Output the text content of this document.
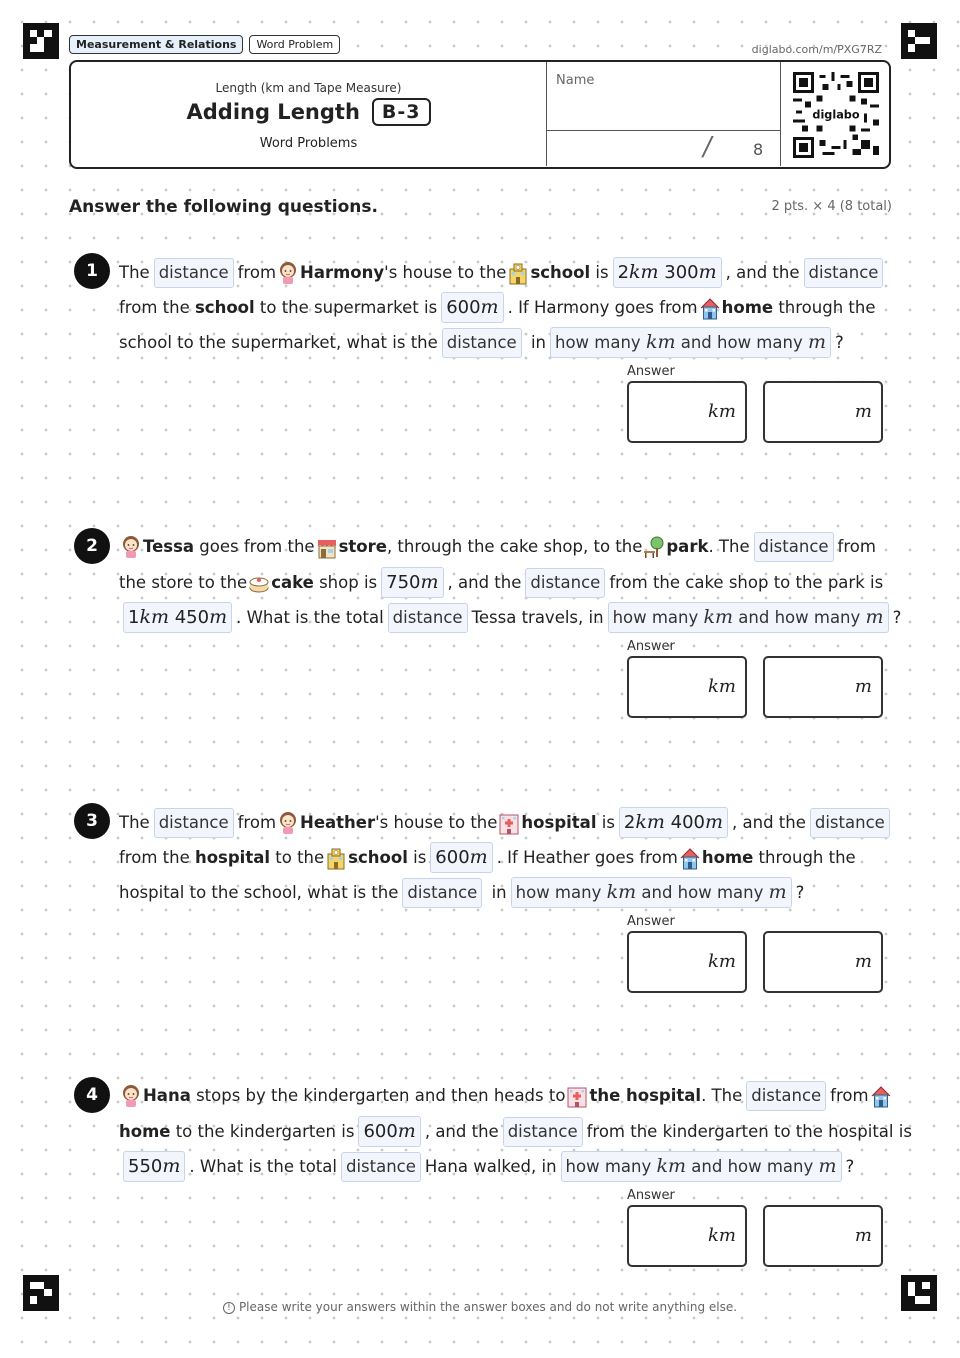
Measurement & Relations	Word Problem	diglabo.com/m/PXG7RZ
Length (km and Tape Measure)
Adding Length	B-3
Word Problems
Name
/ 8
diglabo
Answer the following questions.	2 pts. × 4 (8 total)
1	The distance from Harmony 's house to the school is 2km 300m , and the distance
from the school to the supermarket is 600m . If Harmony goes from home through the
school to the supermarket, what is the distance in how many km and how many m ?
Answer
km	m
2	Tessa goes from the store , through the cake shop, to the park . The distance from
the store to the cake shop is 750m , and the distance from the cake shop to the park is
1km 450m . What is the total distance Tessa travels, in how many km and how many m ?
Answer
km	m
3	The distance from Heather 's house to the hospital is 2km 400m , and the distance
from the hospital to the school is 600m . If Heather goes from home through the
hospital to the school, what is the distance in how many km and how many m ?
Answer
km	m
4	Hana stops by the kindergarten and then heads to the hospital . The distance from
home to the kindergarten is 600m , and the distance from the kindergarten to the hospital is
550m . What is the total distance Hana walked, in how many km and how many m ?
Answer
km	m
! Please write your answers within the answer boxes and do not write anything else.
